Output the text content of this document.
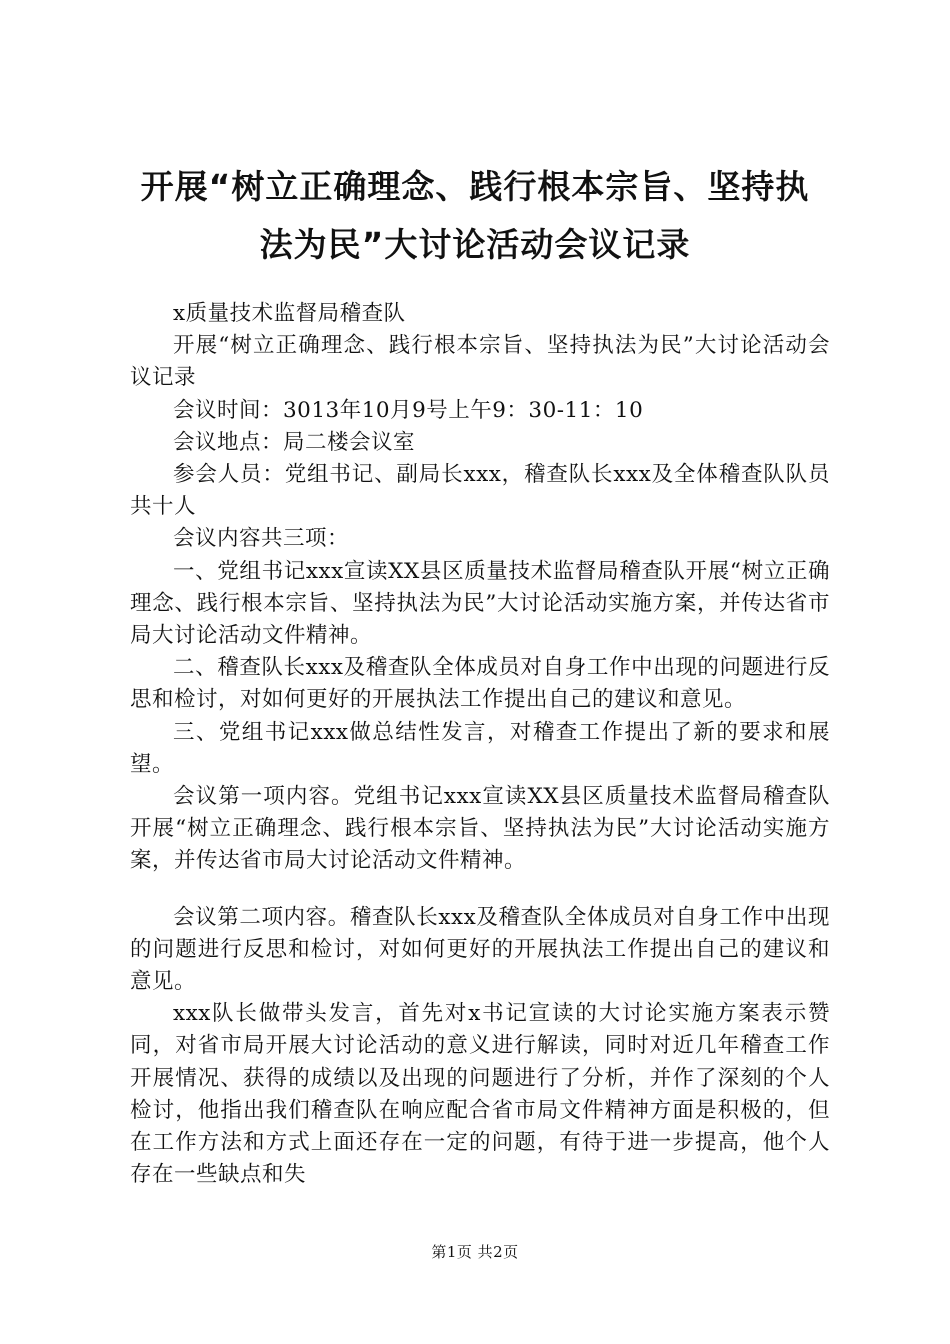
开展“树立正确理念、践行根本宗旨、坚持执
法为民”大讨论活动会议记录

x质量技术监督局稽查队

开展“树立正确理念、践行根本宗旨、坚持执法为民”大讨论活动会议记录

会议时间：3013年10月9号上午9：30-11：10

会议地点：局二楼会议室

参会人员：党组书记、副局长xxx，稽查队长xxx及全体稽查队队员共十人

会议内容共三项：

一、党组书记xxx宣读XX县区质量技术监督局稽查队开展“树立正确理念、践行根本宗旨、坚持执法为民”大讨论活动实施方案，并传达省市局大讨论活动文件精神。

二、稽查队长xxx及稽查队全体成员对自身工作中出现的问题进行反思和检讨，对如何更好的开展执法工作提出自己的建议和意见。

三、党组书记xxx做总结性发言，对稽查工作提出了新的要求和展望。

会议第一项内容。党组书记xxx宣读XX县区质量技术监督局稽查队开展“树立正确理念、践行根本宗旨、坚持执法为民”大讨论活动实施方案，并传达省市局大讨论活动文件精神。

会议第二项内容。稽查队长xxx及稽查队全体成员对自身工作中出现的问题进行反思和检讨，对如何更好的开展执法工作提出自己的建议和意见。

xxx队长做带头发言，首先对x书记宣读的大讨论实施方案表示赞同，对省市局开展大讨论活动的意义进行解读，同时对近几年稽查工作开展情况、获得的成绩以及出现的问题进行了分析，并作了深刻的个人检讨，他指出我们稽查队在响应配合省市局文件精神方面是积极的，但在工作方法和方式上面还存在一定的问题，有待于进一步提高，他个人存在一些缺点和失

第1页 共2页
